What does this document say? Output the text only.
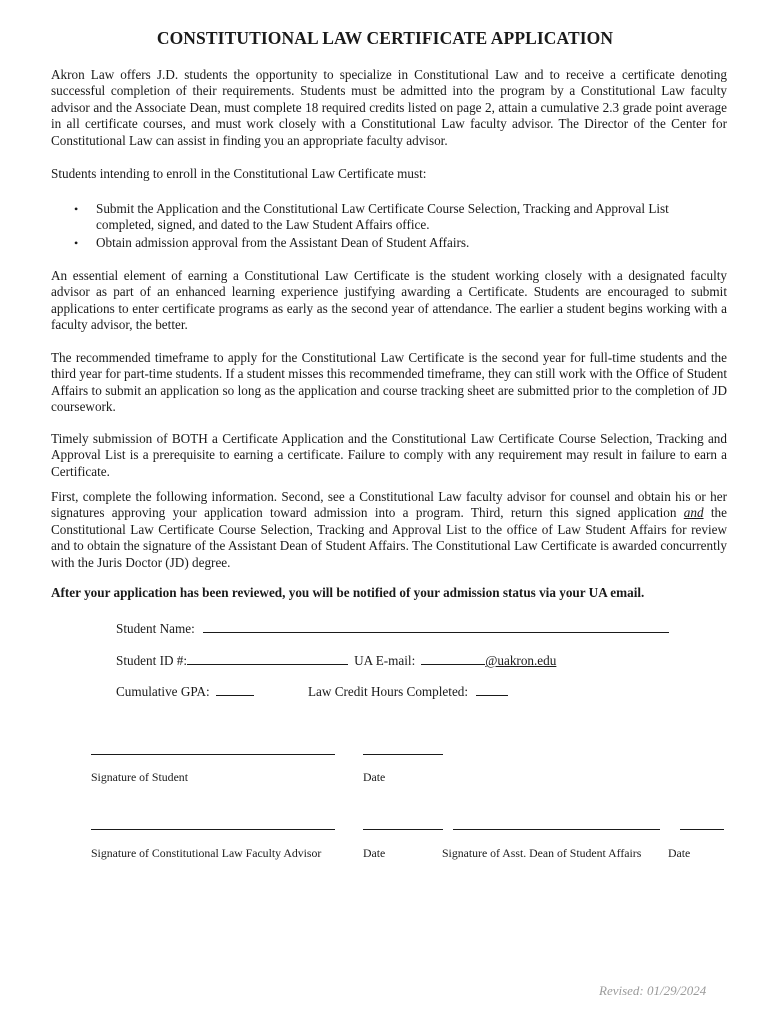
CONSTITUTIONAL LAW CERTIFICATE APPLICATION

Akron Law offers J.D. students the opportunity to specialize in Constitutional Law and to receive a certificate denoting successful completion of their requirements. Students must be admitted into the program by a Constitutional Law faculty advisor and the Associate Dean, must complete 18 required credits listed on page 2, attain a cumulative 2.3 grade point average in all certificate courses, and must work closely with a Constitutional Law faculty advisor. The Director of the Center for Constitutional Law can assist in finding you an appropriate faculty advisor.

Students intending to enroll in the Constitutional Law Certificate must:

• Submit the Application and the Constitutional Law Certificate Course Selection, Tracking and Approval List completed, signed, and dated to the Law Student Affairs office.
• Obtain admission approval from the Assistant Dean of Student Affairs.

An essential element of earning a Constitutional Law Certificate is the student working closely with a designated faculty advisor as part of an enhanced learning experience justifying awarding a Certificate. Students are encouraged to submit applications to enter certificate programs as early as the second year of attendance. The earlier a student begins working with a faculty advisor, the better.

The recommended timeframe to apply for the Constitutional Law Certificate is the second year for full-time students and the third year for part-time students. If a student misses this recommended timeframe, they can still work with the Office of Student Affairs to submit an application so long as the application and course tracking sheet are submitted prior to the completion of JD coursework.

Timely submission of BOTH a Certificate Application and the Constitutional Law Certificate Course Selection, Tracking and Approval List is a prerequisite to earning a certificate. Failure to comply with any requirement may result in failure to earn a Certificate.

First, complete the following information. Second, see a Constitutional Law faculty advisor for counsel and obtain his or her signatures approving your application toward admission into a program. Third, return this signed application and the Constitutional Law Certificate Course Selection, Tracking and Approval List to the office of Law Student Affairs for review and to obtain the signature of the Assistant Dean of Student Affairs. The Constitutional Law Certificate is awarded concurrently with the Juris Doctor (JD) degree.

After your application has been reviewed, you will be notified of your admission status via your UA email.
Student Name:
Student ID #:	UA E-mail:	@uakron.edu
Cumulative GPA:	Law Credit Hours Completed:
Signature of Student	Date
Signature of Constitutional Law Faculty Advisor	Date	Signature of Asst. Dean of Student Affairs Date
Revised: 01/29/2024
